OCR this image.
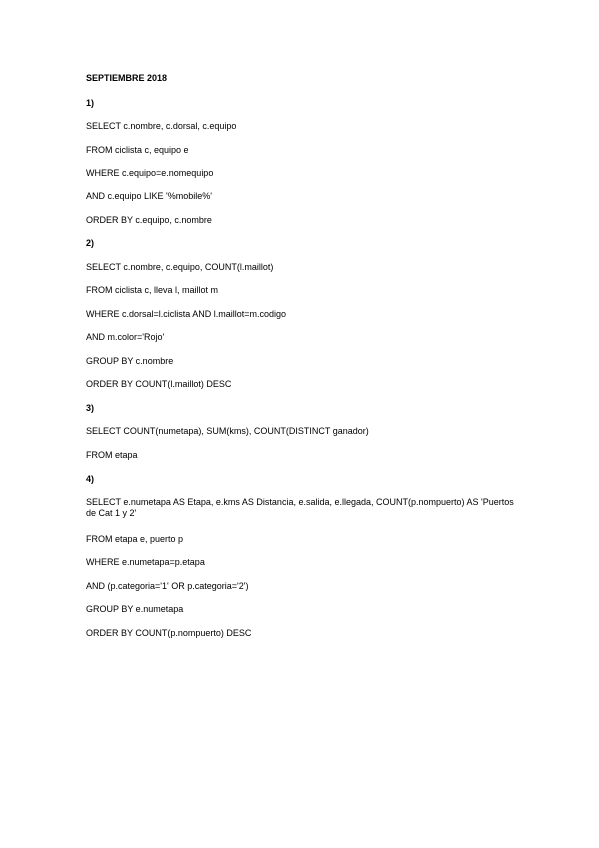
SEPTIEMBRE 2018
1)
SELECT c.nombre, c.dorsal, c.equipo
FROM ciclista c, equipo e
WHERE c.equipo=e.nomequipo
AND c.equipo LIKE '%mobile%'
ORDER BY c.equipo, c.nombre
2)
SELECT c.nombre, c.equipo, COUNT(l.maillot)
FROM ciclista c, lleva l, maillot m
WHERE c.dorsal=l.ciclista AND l.maillot=m.codigo
AND m.color='Rojo'
GROUP BY c.nombre
ORDER BY COUNT(l.maillot) DESC
3)
SELECT COUNT(numetapa), SUM(kms), COUNT(DISTINCT ganador)
FROM etapa
4)
SELECT e.numetapa AS Etapa, e.kms AS Distancia, e.salida, e.llegada, COUNT(p.nompuerto) AS 'Puertos de Cat 1 y 2'
FROM etapa e, puerto p
WHERE e.numetapa=p.etapa
AND (p.categoria='1' OR p.categoria='2')
GROUP BY e.numetapa
ORDER BY COUNT(p.nompuerto) DESC
